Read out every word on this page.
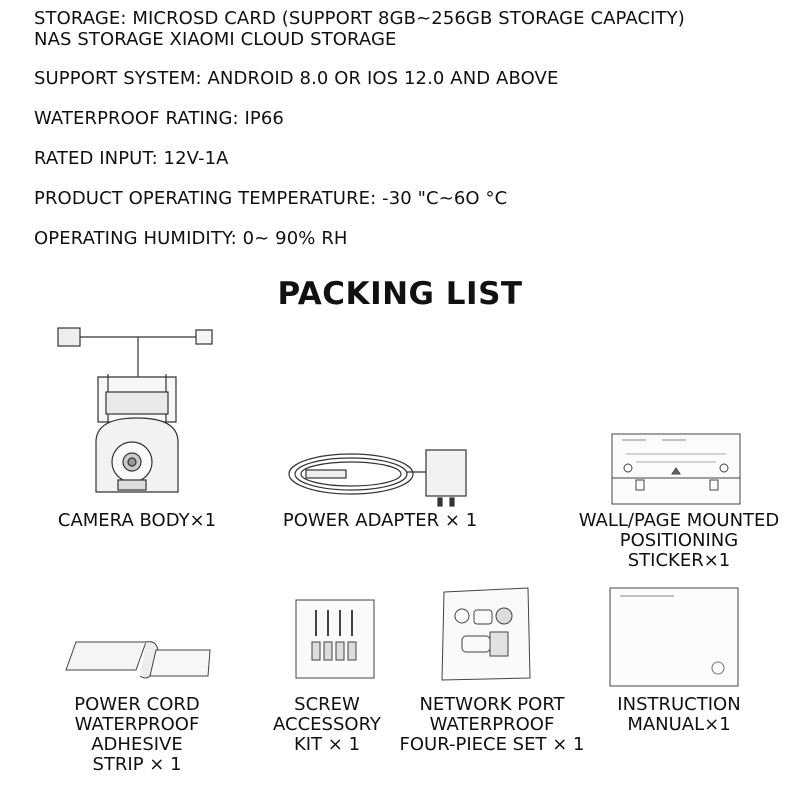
STORAGE: MICROSD CARD (SUPPORT 8GB~256GB STORAGE CAPACITY)
NAS STORAGE XIAOMI CLOUD STORAGE
SUPPORT SYSTEM: ANDROID 8.0 OR IOS 12.0 AND ABOVE
WATERPROOF RATING: IP66
RATED INPUT: 12V-1A
PRODUCT OPERATING TEMPERATURE: -30 "C~6O °C
OPERATING HUMIDITY: 0~ 90% RH
PACKING LIST
CAMERA BODY×1	POWER ADAPTER × 1	WALL/PAGE MOUNTED
POSITIONING
STICKER×1
POWER CORD
WATERPROOF
ADHESIVE
STRIP × 1
SCREW
ACCESSORY
KIT × 1
NETWORK PORT
WATERPROOF
FOUR-PIECE SET × 1
INSTRUCTION
MANUAL×1
